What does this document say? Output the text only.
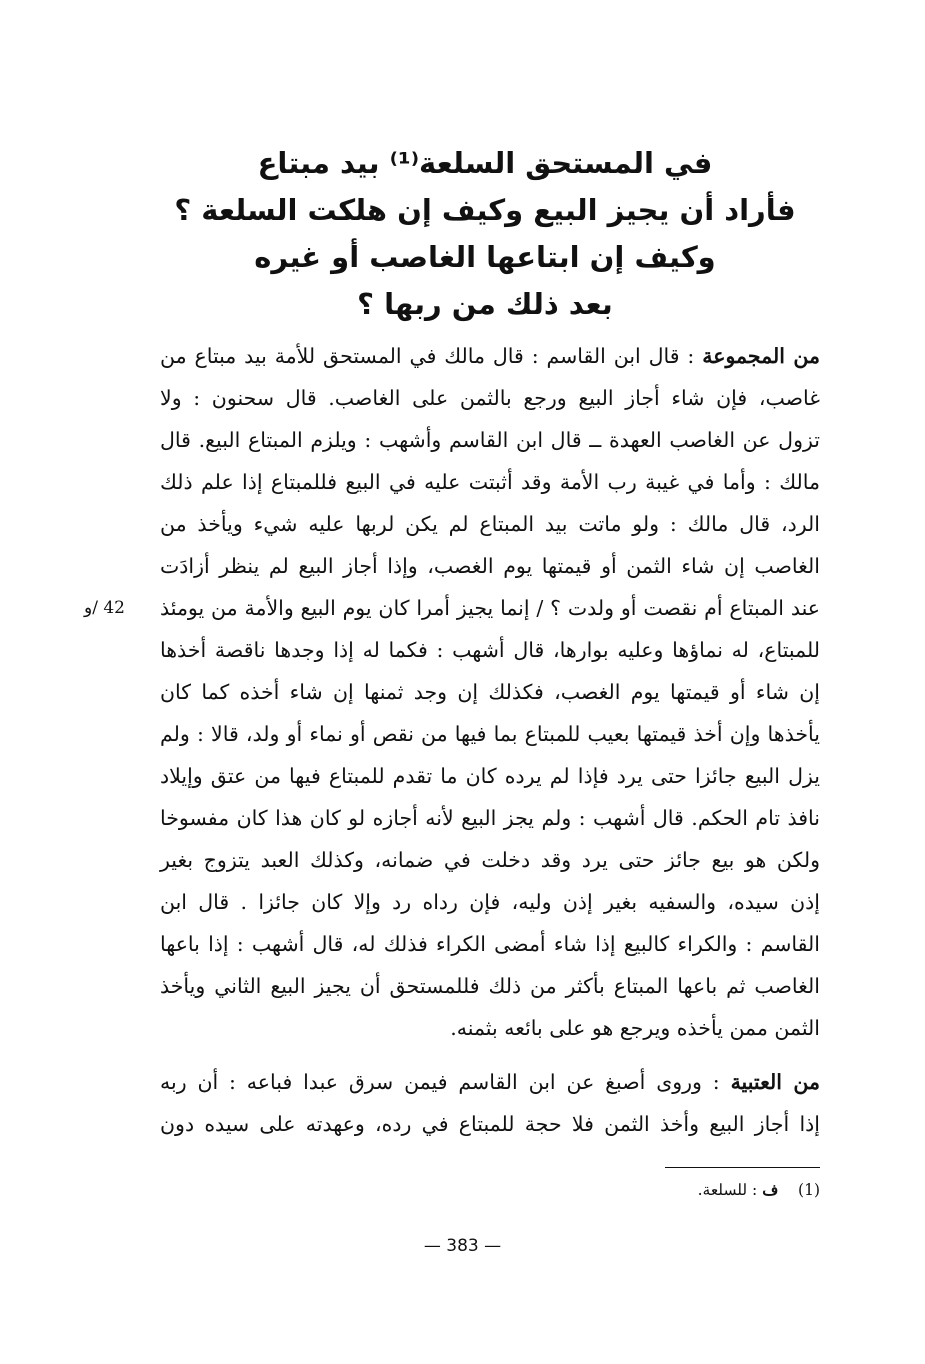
في المستحق السلعة⁽¹⁾ بيد مبتاع
فأراد أن يجيز البيع وكيف إن هلكت السلعة ؟
وكيف إن ابتاعها الغاصب أو غيره
بعد ذلك من ربها ؟
42 /و
من المجموعة : قال ابن القاسم : قال مالك في المستحق للأمة بيد مبتاع من
غاصب، فإن شاء أجاز البيع ورجع بالثمن على الغاصب. قال سحنون : ولا
تزول عن الغاصب العهدة ــ قال ابن القاسم وأشهب : ويلزم المبتاع البيع. قال
مالك : وأما في غيبة رب الأمة وقد أثبتت عليه في البيع فللمبتاع إذا علم ذلك
الرد، قال مالك : ولو ماتت بيد المبتاع لم يكن لربها عليه شيء ويأخذ من
الغاصب إن شاء الثمن أو قيمتها يوم الغصب، وإذا أجاز البيع لم ينظر أزادَت
عند المبتاع أم نقصت أو ولدت ؟ / إنما يجيز أمرا كان يوم البيع والأمة من يومئذ
للمبتاع، له نماؤها وعليه بوارها، قال أشهب : فكما له إذا وجدها ناقصة أخذها
إن شاء أو قيمتها يوم الغصب، فكذلك إن وجد ثمنها إن شاء أخذه كما كان
يأخذها وإن أخذ قيمتها بعيب للمبتاع بما فيها من نقص أو نماء أو ولد، قالا : ولم
يزل البيع جائزا حتى يرد فإذا لم يرده كان ما تقدم للمبتاع فيها من عتق وإيلاد
نافذ تام الحكم. قال أشهب : ولم يجز البيع لأنه أجازه لو كان هذا كان مفسوخا
ولكن هو بيع جائز حتى يرد وقد دخلت في ضمانه، وكذلك العبد يتزوج بغير
إذن سيده، والسفيه بغير إذن وليه، فإن رداه رد وإلا كان جائزا . قال ابن
القاسم : والكراء كالبيع إذا شاء أمضى الكراء فذلك له، قال أشهب : إذا باعها
الغاصب ثم باعها المبتاع بأكثر من ذلك فللمستحق أن يجيز البيع الثاني ويأخذ
الثمن ممن يأخذه ويرجع هو على بائعه بثمنه.
من العتبية : وروى أصبغ عن ابن القاسم فيمن سرق عبدا فباعه : أن ربه
إذا أجاز البيع وأخذ الثمن فلا حجة للمبتاع في رده، وعهدته على سيده دون
(1)    ف : للسلعة.
— 383 —
